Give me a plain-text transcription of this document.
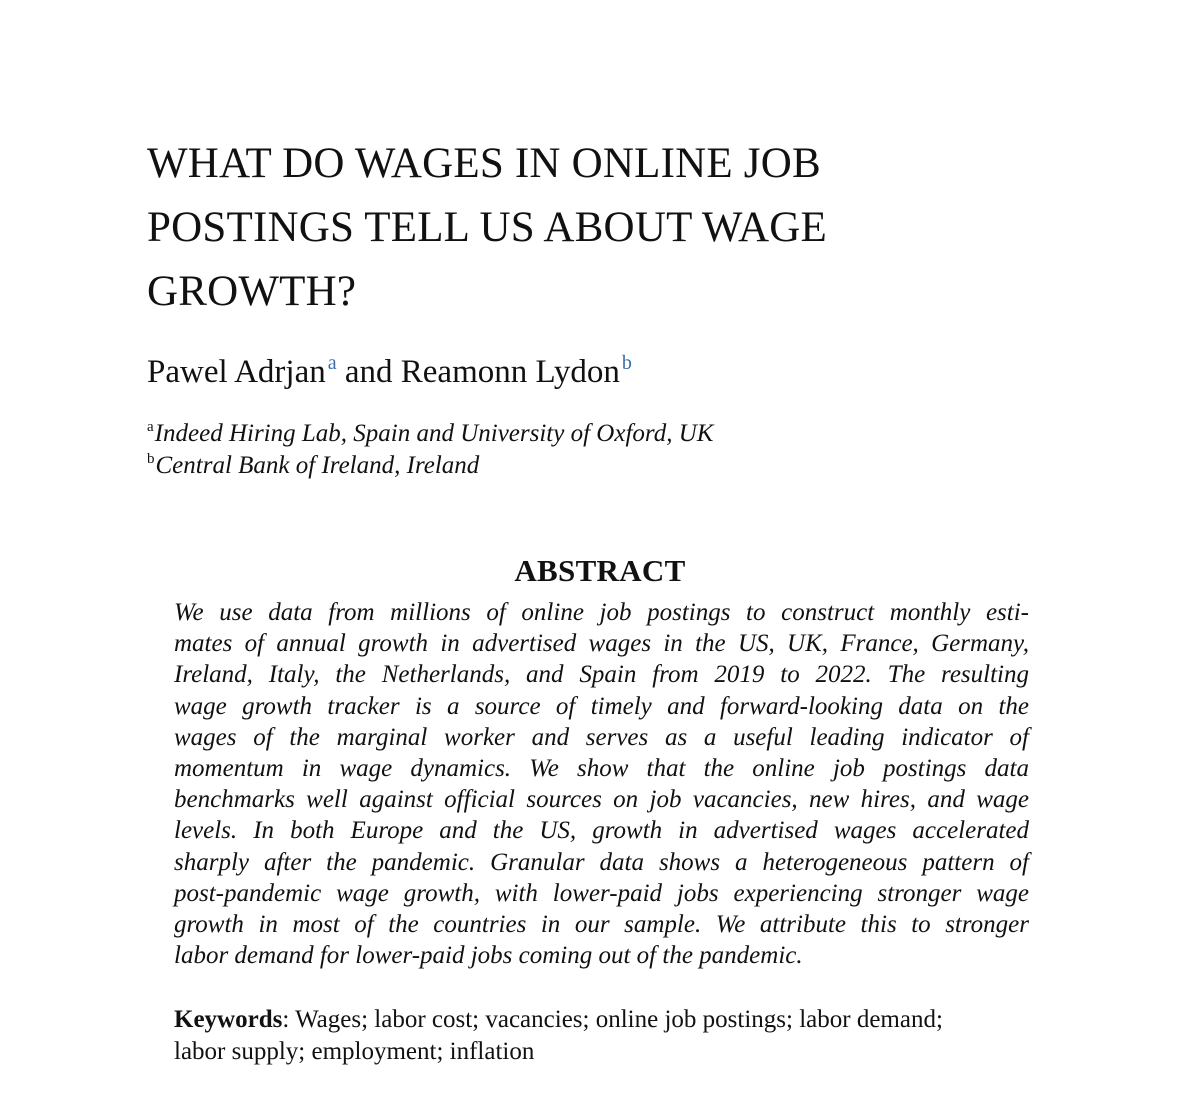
WHAT DO WAGES IN ONLINE JOB
POSTINGS TELL US ABOUT WAGE
GROWTH?
Pawel Adrjan $^a$ and Reamonn Lydon $^b$
$^a$Indeed Hiring Lab, Spain and University of Oxford, UK
$^b$Central Bank of Ireland, Ireland
ABSTRACT
We use data from millions of online job postings to construct monthly esti-
mates of annual growth in advertised wages in the US, UK, France, Germany,
Ireland, Italy, the Netherlands, and Spain from 2019 to 2022. The resulting
wage growth tracker is a source of timely and forward-looking data on the
wages of the marginal worker and serves as a useful leading indicator of
momentum in wage dynamics. We show that the online job postings data
benchmarks well against official sources on job vacancies, new hires, and wage
levels. In both Europe and the US, growth in advertised wages accelerated
sharply after the pandemic. Granular data shows a heterogeneous pattern of
post-pandemic wage growth, with lower-paid jobs experiencing stronger wage
growth in most of the countries in our sample. We attribute this to stronger
labor demand for lower-paid jobs coming out of the pandemic.
Keywords: Wages; labor cost; vacancies; online job postings; labor demand;
labor supply; employment; inflation
